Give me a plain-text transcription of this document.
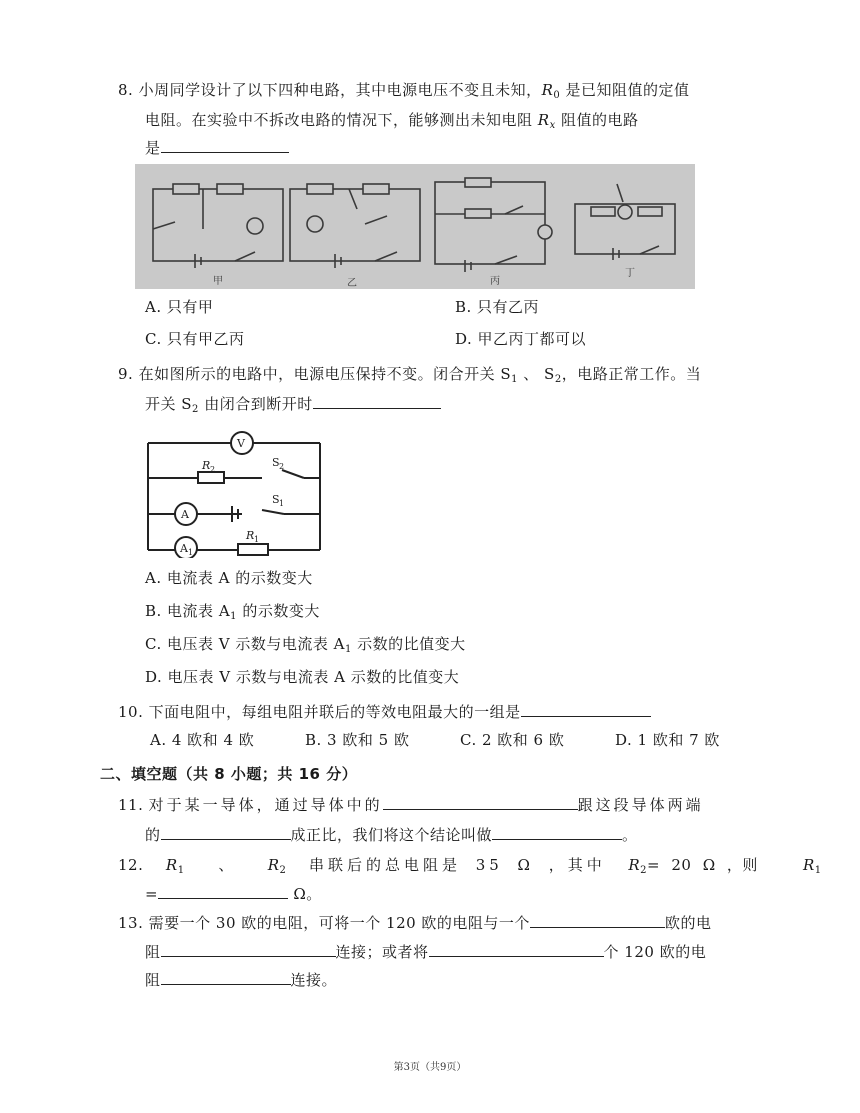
8. 小周同学设计了以下四种电路，其中电源电压不变且未知，$R_0$ 是已知阻值的定值
电阻。在实验中不拆改电路的情况下，能够测出未知电阻 $R_x$ 阻值的电路
是
甲	乙	丙
丁
A. 只有甲	B. 只有乙丙
C. 只有甲乙丙	D. 甲乙丙丁都可以
9. 在如图所示的电路中，电源电压保持不变。闭合开关 $S_1$ 、 $S_2$，电路正常工作。当
开关 $S_2$ 由闭合到断开时
V
R 2
S 2
A
S 1
A 1
R 1
A. 电流表 A 的示数变大
B. 电流表 $A_1$ 的示数变大
C. 电压表 V 示数与电流表 $A_1$ 示数的比值变大
D. 电压表 V 示数与电流表 A 示数的比值变大
10. 下面电阻中，每组电阻并联后的等效电阻最大的一组是
A. 4 欧和 4 欧	B. 3 欧和 5 欧	C. 2 欧和 6 欧	D. 1 欧和 7 欧
二、填空题（共 8 小题；共 16 分）
11. 对于某一导体，通过导体中的	跟这段导体两端
的	成正比，我们将这个结论叫做	。
12. $R_1$ 、 $R_2$ 串联后的总电阻是 35 Ω ，其中 $R_2= 20$ Ω ，则	$R_1$
=	Ω。
13. 需要一个 30 欧的电阻，可将一个 120 欧的电阻与一个	欧的电
阻	连接；或者将	个 120 欧的电
阻	连接。
第3页（共9页）
